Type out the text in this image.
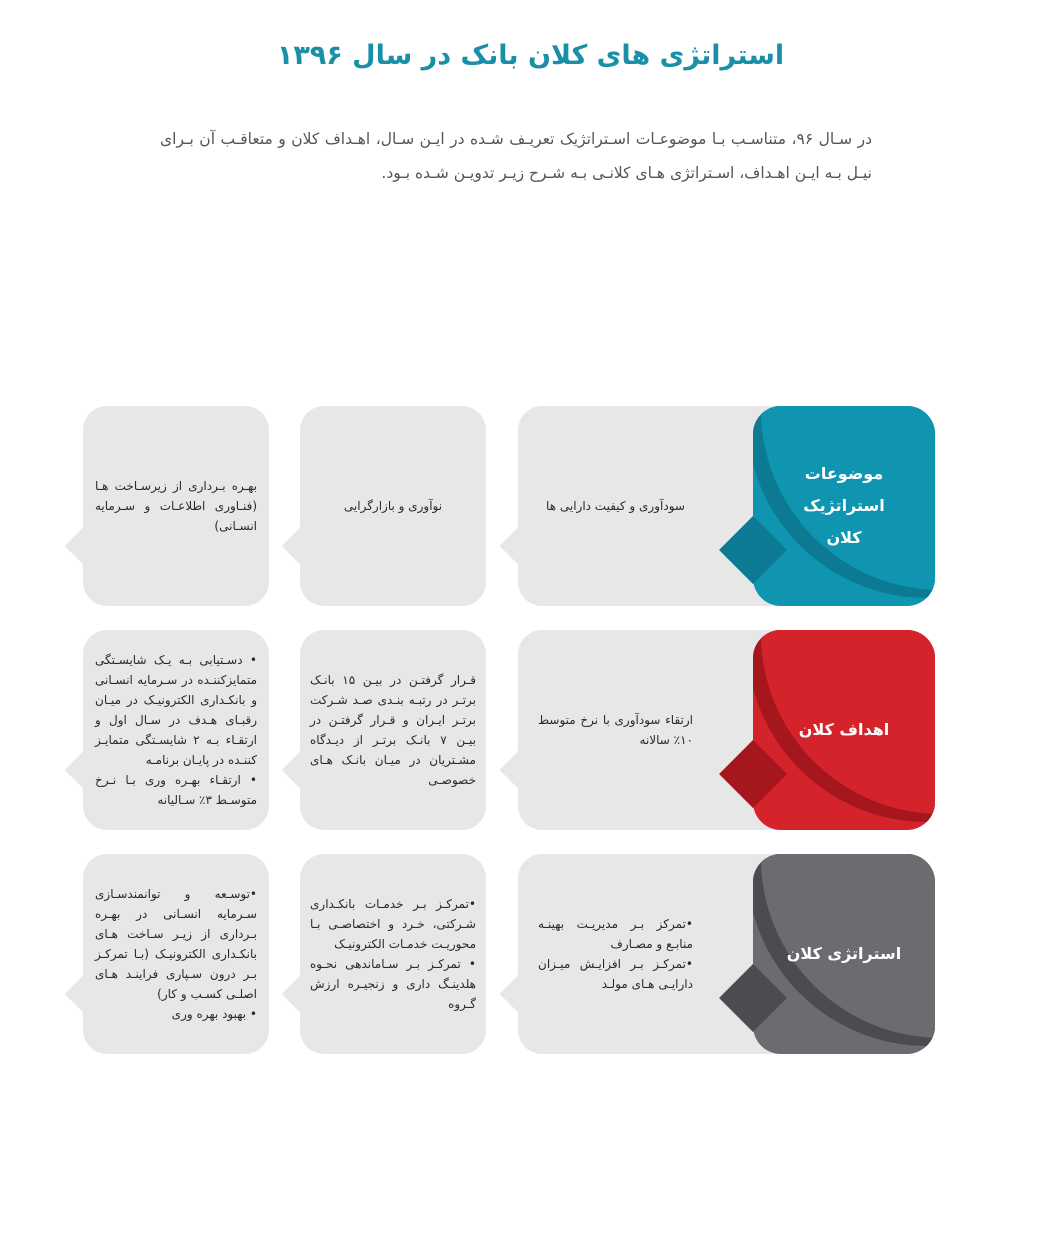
استراتژی های کلان بانک در سال ۱۳۹۶

در سـال ۹۶، متناسـب بـا موضوعـات اسـتراتژیک تعریـف شـده در ایـن سـال، اهـداف کلان و متعاقـب آن بـرای نیـل بـه ایـن اهـداف، اسـتراتژی هـای کلانـی بـه شـرح زیـر تدویـن شـده بـود.

بهـره بـرداری از زیرسـاخت هـا (فنـاوری اطلاعـات و سـرمایه انسـانی)
نوآوری و بازارگرایی	سودآوری و کیفیت دارایی ها
موضوعات استراتژیک کلان
• دسـتیابی بـه یـک شایسـتگی متمایزکننـده در سـرمایه انسـانی و بانکـداری الکترونیـک در میـان رقبـای هـدف در سـال اول و ارتقـاء بـه ۲ شایسـتگی متمایـز کننـده در پایـان برنامـه
• ارتقـاء بهـره وری بـا نـرخ متوسـط ۳٪ سـالیانه
قـرار گرفتـن در بیـن ۱۵ بانـک برتـر در رتبـه بنـدی صـد شـرکت برتـر ایـران و قـرار گرفتـن در بیـن ۷ بانـک برتـر از دیـدگاه مشـتریان در میـان بانـک هـای خصوصـی
ارتقاء سودآوری با نرخ متوسط ۱۰٪ سالانه
اهداف کلان
•توسـعه و توانمندسـازی سـرمایه انسـانی در بهـره بـرداری از زیـر سـاخت هـای بانکـداری الکترونیـک (بـا تمرکـز بـر درون سـپاری فراینـد هـای اصلـی کسـب و کار)
• بهبود بهره وری
•تمرکـز بـر خدمـات بانکـداری شـرکتی، خـرد و اختصاصـی بـا محوریـت خدمـات الکترونیـک
• تمرکـز بـر سـاماندهی نحـوه هلدینـگ داری و زنجیـره ارزش گـروه
•تمرکز بـر مدیریـت بهینـه منابـع و مصـارف
•تمرکـز بـر افزایـش میـزان دارایـی هـای مولـد
استراتژی کلان
